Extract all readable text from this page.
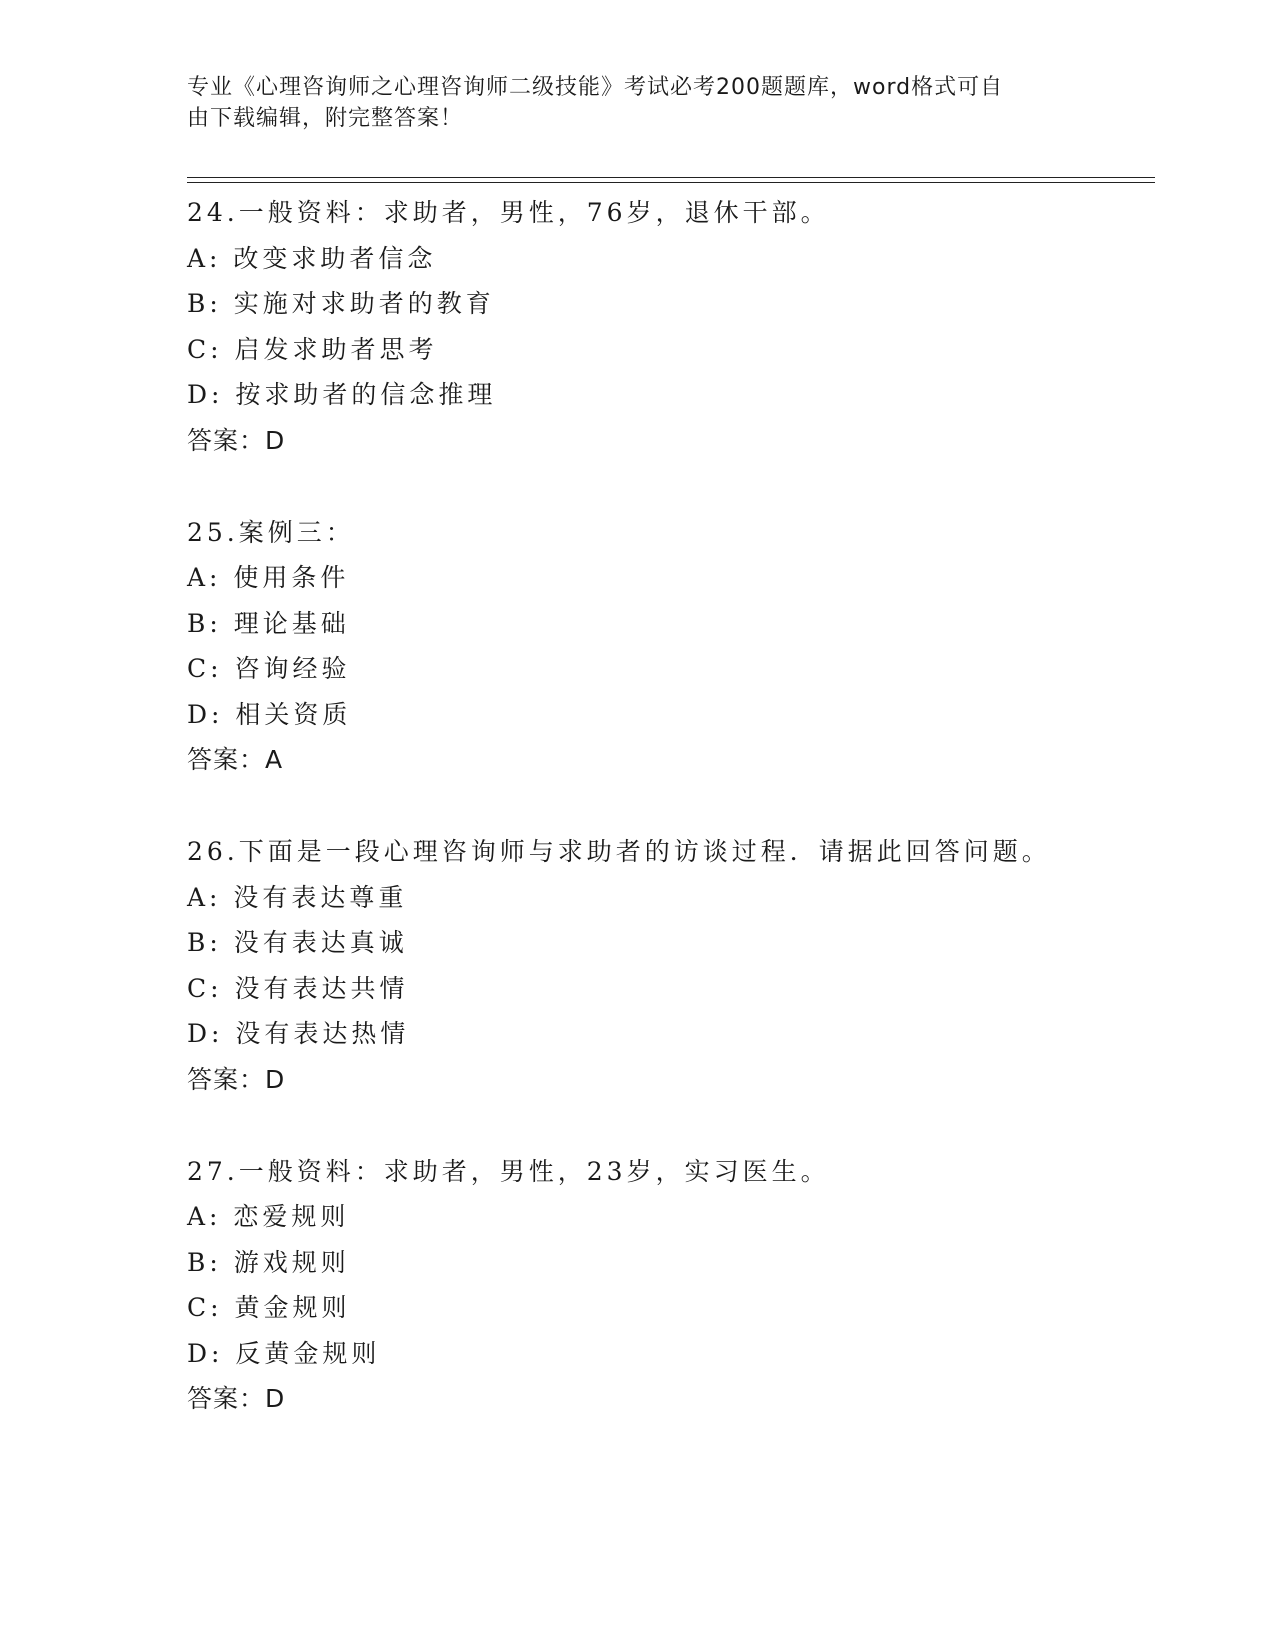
专业《心理咨询师之心理咨询师二级技能》考试必考200题题库，word格式可自
由下载编辑，附完整答案！
24.一般资料：求助者，男性，76岁，退休干部。
A: 改变求助者信念
B: 实施对求助者的教育
C: 启发求助者思考
D: 按求助者的信念推理
答案：D
25.案例三：
A: 使用条件
B: 理论基础
C: 咨询经验
D: 相关资质
答案：A
26.下面是一段心理咨询师与求助者的访谈过程．请据此回答问题。
A: 没有表达尊重
B: 没有表达真诚
C: 没有表达共情
D: 没有表达热情
答案：D
27.一般资料：求助者，男性，23岁，实习医生。
A: 恋爱规则
B: 游戏规则
C: 黄金规则
D: 反黄金规则
答案：D
